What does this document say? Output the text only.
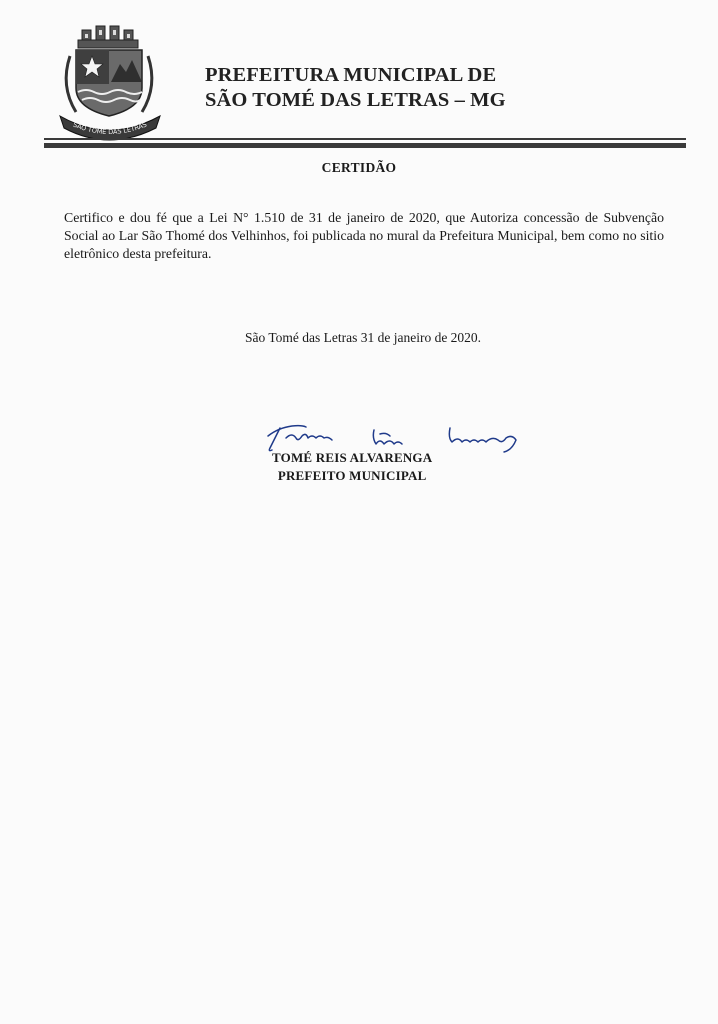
SÃO TOMÉ DAS LETRAS
PREFEITURA MUNICIPAL DE
SÃO TOMÉ DAS LETRAS – MG
CERTIDÃO
Certifico e dou fé que a Lei N° 1.510 de 31 de janeiro de 2020, que Autoriza concessão de Subvenção Social ao Lar São Thomé dos Velhinhos, foi publicada no mural da Prefeitura Municipal, bem como no sitio eletrônico desta prefeitura.
São Tomé das Letras 31 de janeiro de 2020.
TOMÉ REIS ALVARENGA
PREFEITO MUNICIPAL
